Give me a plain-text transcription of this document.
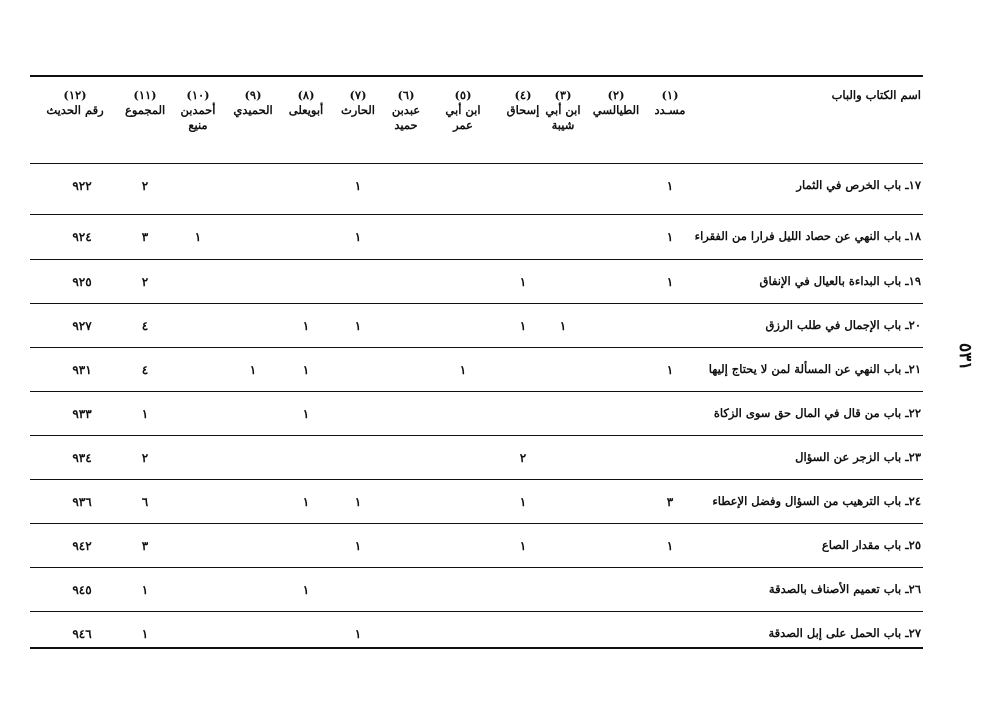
اسم الكتاب والباب
(١)
مسـدد
(٢)
الطيالسي
(٣)
ابن أبي
شيبة
(٤)
إسحاق
(٥)
ابن أبي
عمر
(٦)
عبدبن
حميد
(٧)
الحارث
(٨)
أبويعلى
(٩)
الحميدي
(١٠)
أحمدبن
منيع
(١١)
المجموع
(١٢)
رقم الحديث
١٧ـ باب الخرص في الثمار
١
١
٢
٩٢٢
١٨ـ باب النهي عن حصاد الليل فرارا من الفقراء
١
١
١
٣
٩٢٤
١٩ـ باب البداءة بالعيال في الإنفاق
١
١
٢
٩٢٥
٢٠ـ باب الإجمال في طلب الرزق
١
١
١
١
٤
٩٢٧
٢١ـ باب النهي عن المسألة لمن لا يحتاج إليها
١
١
١
١
٤
٩٣١
٢٢ـ باب من قال في المال حق سوى الزكاة
١
١
٩٣٣
٢٣ـ باب الزجر عن السؤال
٢
٢
٩٣٤
٢٤ـ باب الترهيب من السؤال وفضل الإعطاء
٣
١
١
١
٦
٩٣٦
٢٥ـ باب مقدار الصاع
١
١
١
٣
٩٤٢
٢٦ـ باب تعميم الأصناف بالصدقة
١
١
٩٤٥
٢٧ـ باب الحمل على إبل الصدقة
١
١
٩٤٦
٥٣١
